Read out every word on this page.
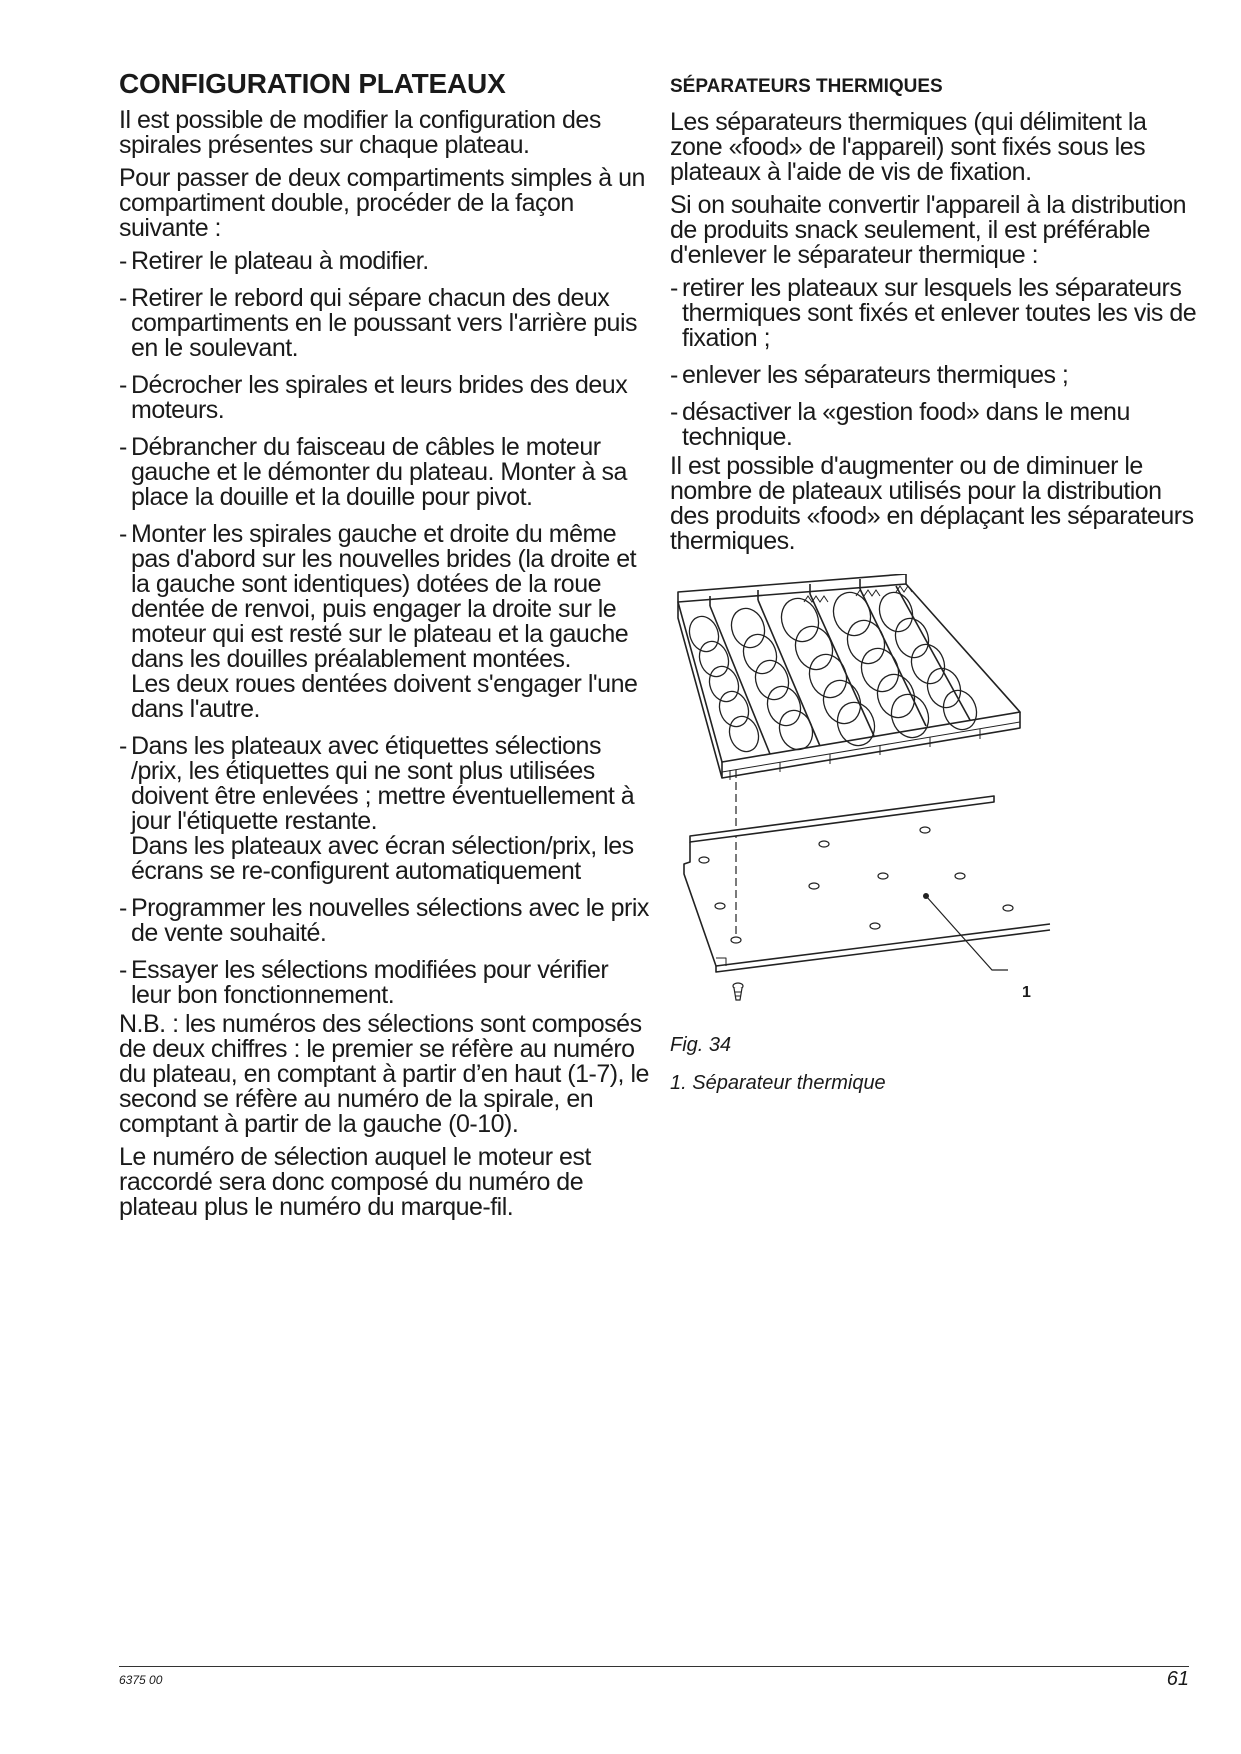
CONFIGURATION PLATEAUX

Il est possible de modifier la configuration des spirales présentes sur chaque plateau.

Pour passer de deux compartiments simples à un compartiment double, procéder de la façon suivante :

- Retirer le plateau à modifier.
- Retirer le rebord qui sépare chacun des deux compartiments en le poussant vers l'arrière puis en le soulevant.
- Décrocher les spirales et leurs brides des deux moteurs.
- Débrancher du faisceau de câbles le moteur gauche et le démonter du plateau. Monter à sa place la douille et la douille pour pivot.
- Monter les spirales gauche et droite du même pas d'abord sur les nouvelles brides (la droite et la gauche sont identiques) dotées de la roue dentée de renvoi, puis engager la droite sur le moteur qui est resté sur le plateau et la gauche dans les douilles préalablement montées.
Les deux roues dentées doivent s'engager l'une dans l'autre.
- Dans les plateaux avec étiquettes sélections /prix, les étiquettes qui ne sont plus utilisées doivent être enlevées ; mettre éventuellement à jour l'étiquette restante.
Dans les plateaux avec écran sélection/prix, les écrans se re-configurent automatiquement
- Programmer les nouvelles sélections avec le prix de vente souhaité.
- Essayer les sélections modifiées pour vérifier leur bon fonctionnement.

N.B. : les numéros des sélections sont composés de deux chiffres : le premier se réfère au numéro du plateau, en comptant à partir d’en haut (1-7), le second se réfère au numéro de la spirale, en comptant à partir de la gauche (0-10).

Le numéro de sélection auquel le moteur est raccordé sera donc composé du numéro de plateau plus le numéro du marque-fil.

SÉPARATEURS THERMIQUES

Les séparateurs thermiques (qui délimitent la zone «food» de l'appareil) sont fixés sous les plateaux à l'aide de vis de fixation.

Si on souhaite convertir l'appareil à la distribution de produits snack seulement, il est préférable d'enlever le séparateur thermique :

- retirer les plateaux sur lesquels les séparateurs thermiques sont fixés et enlever toutes les vis de fixation ;
- enlever les séparateurs thermiques ;
- désactiver la «gestion food» dans le menu technique.

Il est possible d'augmenter ou de diminuer le nombre de plateaux utilisés pour la distribution des produits «food» en déplaçant les séparateurs thermiques.

1

Fig. 34

1. Séparateur thermique

6375 00	61
